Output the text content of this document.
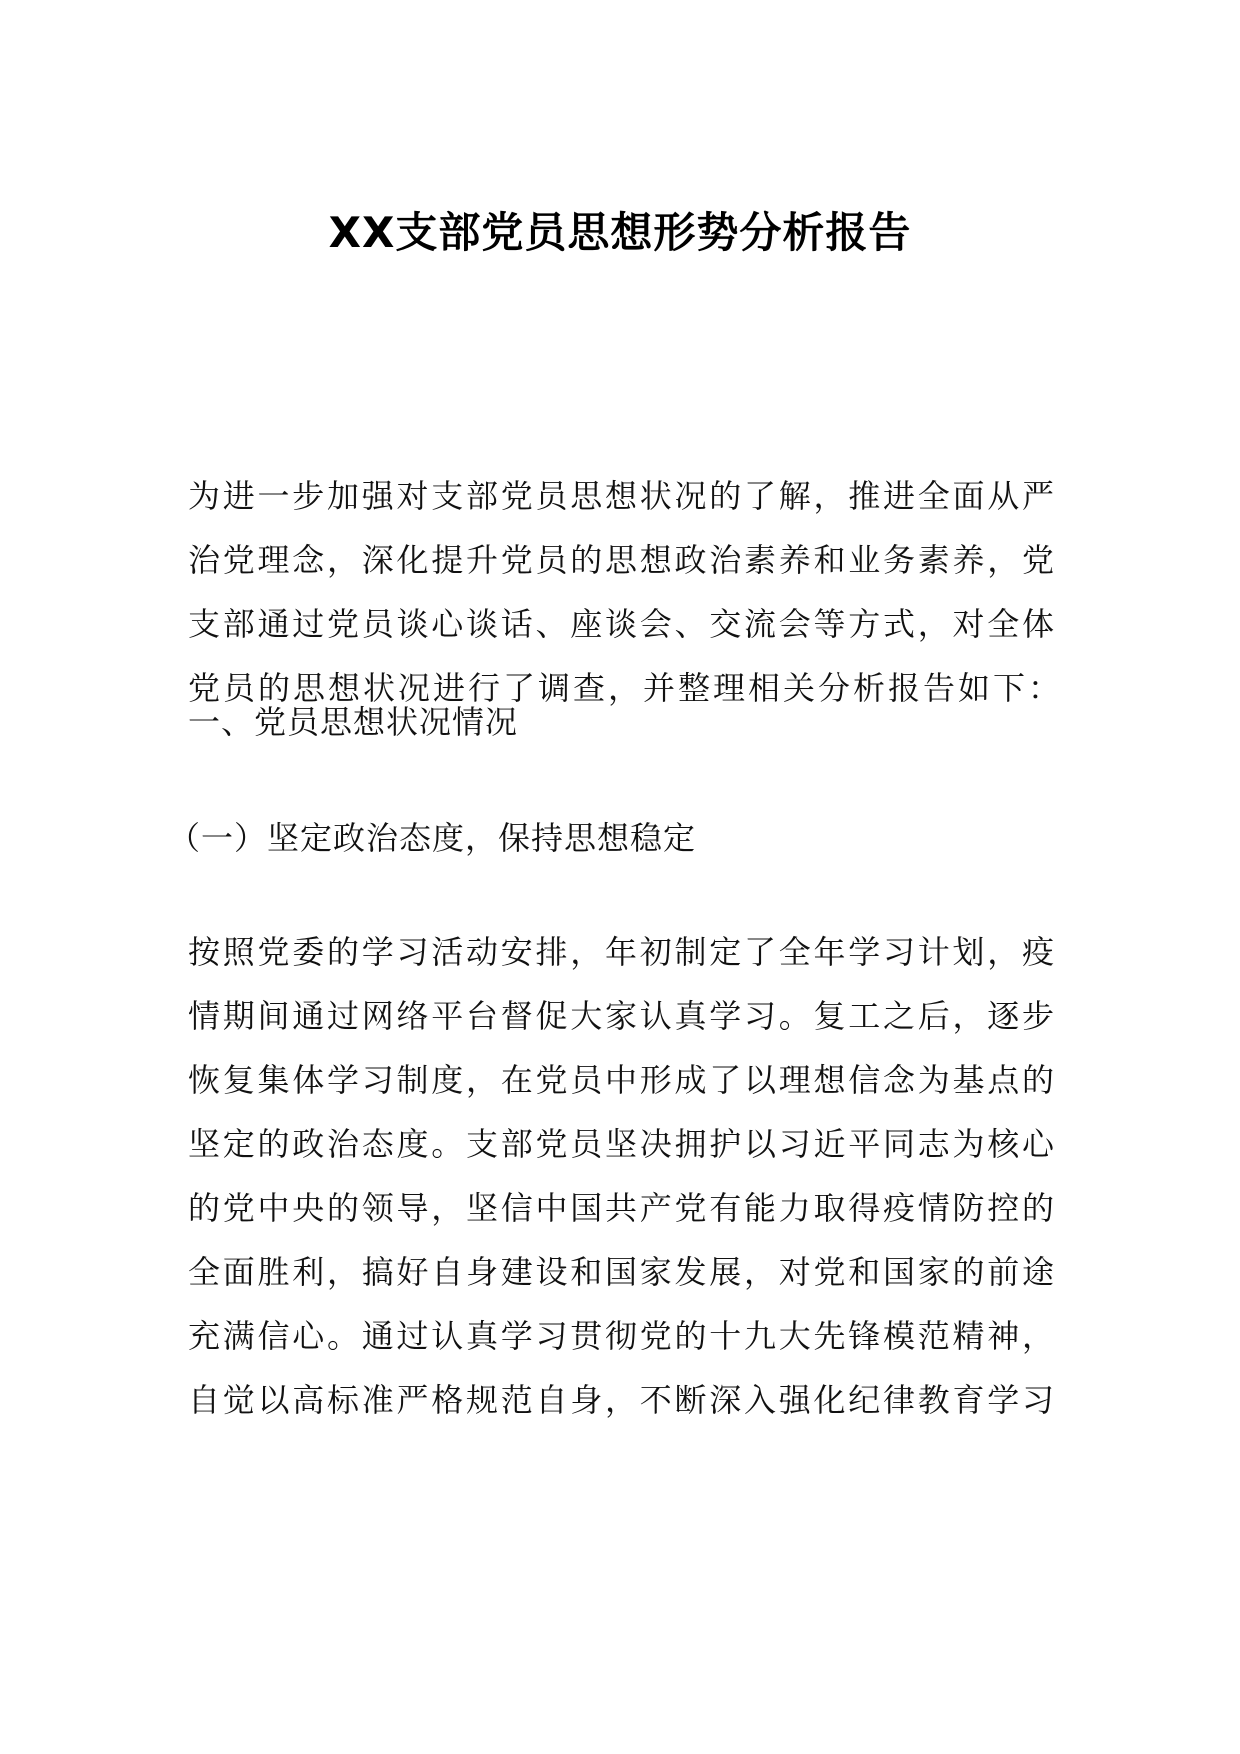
XX支部党员思想形势分析报告
为进一步加强对支部党员思想状况的了解，推进全面从严
治党理念，深化提升党员的思想政治素养和业务素养，党
支部通过党员谈心谈话、座谈会、交流会等方式，对全体
党员的思想状况进行了调查，并整理相关分析报告如下：
一、党员思想状况情况
（一）坚定政治态度，保持思想稳定
按照党委的学习活动安排，年初制定了全年学习计划，疫
情期间通过网络平台督促大家认真学习。复工之后，逐步
恢复集体学习制度，在党员中形成了以理想信念为基点的
坚定的政治态度。支部党员坚决拥护以习近平同志为核心
的党中央的领导，坚信中国共产党有能力取得疫情防控的
全面胜利，搞好自身建设和国家发展，对党和国家的前途
充满信心。通过认真学习贯彻党的十九大先锋模范精神，
自觉以高标准严格规范自身，不断深入强化纪律教育学习
